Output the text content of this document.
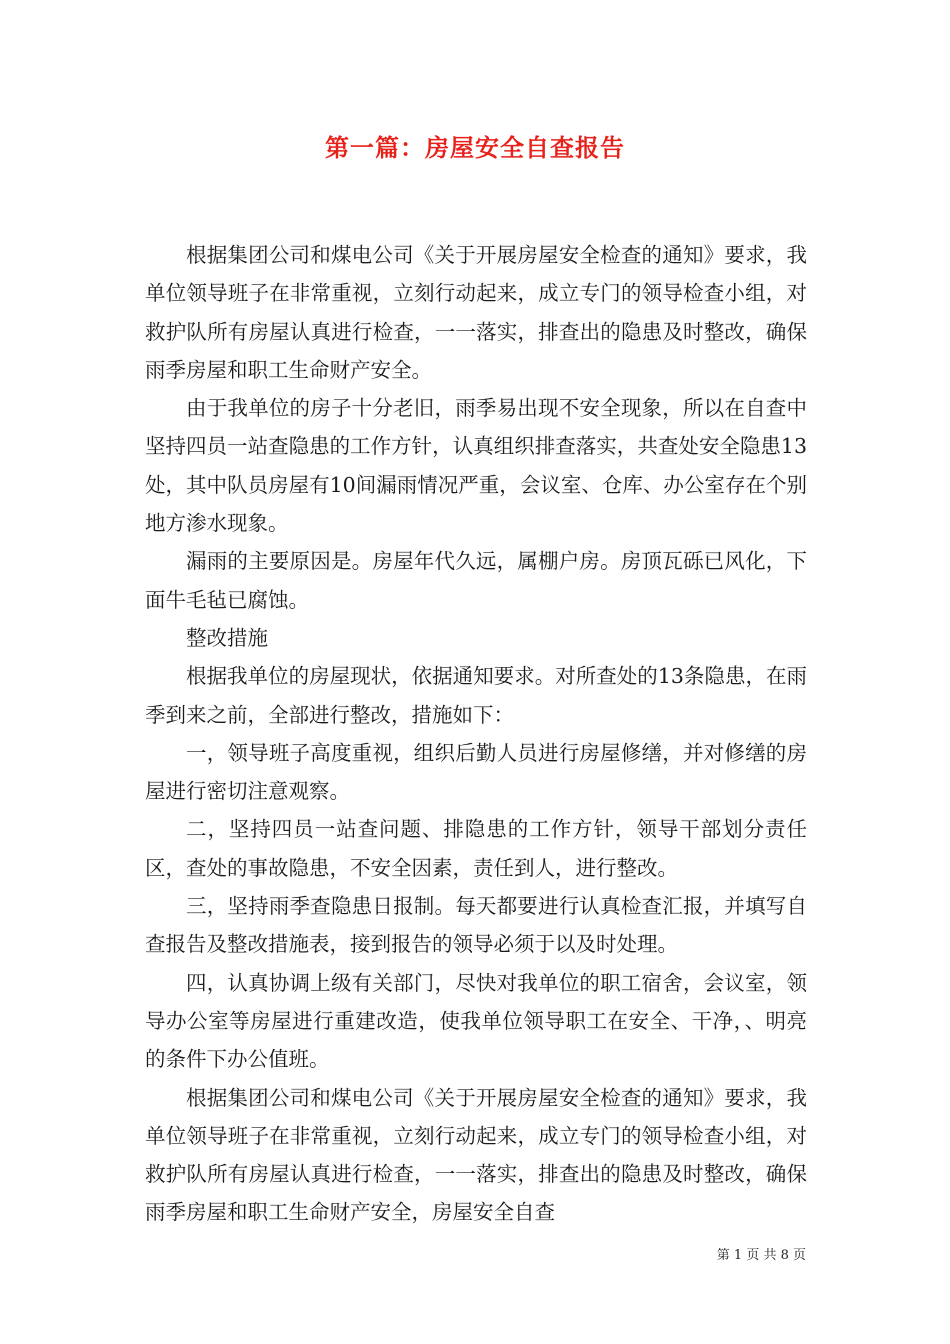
第一篇：房屋安全自查报告

根据集团公司和煤电公司《关于开展房屋安全检查的通知》要求，我单位领导班子在非常重视，立刻行动起来，成立专门的领导检查小组，对救护队所有房屋认真进行检查，一一落实，排查出的隐患及时整改，确保雨季房屋和职工生命财产安全。

由于我单位的房子十分老旧，雨季易出现不安全现象，所以在自查中坚持四员一站查隐患的工作方针，认真组织排查落实，共查处安全隐患13处，其中队员房屋有10间漏雨情况严重，会议室、仓库、办公室存在个别地方渗水现象。

漏雨的主要原因是。房屋年代久远，属棚户房。房顶瓦砾已风化，下面牛毛毡已腐蚀。

整改措施

根据我单位的房屋现状，依据通知要求。对所查处的13条隐患，在雨季到来之前，全部进行整改，措施如下：

一，领导班子高度重视，组织后勤人员进行房屋修缮，并对修缮的房屋进行密切注意观察。

二，坚持四员一站查问题、排隐患的工作方针，领导干部划分责任区，查处的事故隐患，不安全因素，责任到人，进行整改。

三，坚持雨季查隐患日报制。每天都要进行认真检查汇报，并填写自查报告及整改措施表，接到报告的领导必须于以及时处理。

四，认真协调上级有关部门，尽快对我单位的职工宿舍，会议室，领导办公室等房屋进行重建改造，使我单位领导职工在安全、干净，、明亮的条件下办公值班。

根据集团公司和煤电公司《关于开展房屋安全检查的通知》要求，我单位领导班子在非常重视，立刻行动起来，成立专门的领导检查小组，对救护队所有房屋认真进行检查，一一落实，排查出的隐患及时整改，确保雨季房屋和职工生命财产安全，房屋安全自查

第 1 页 共 8 页
